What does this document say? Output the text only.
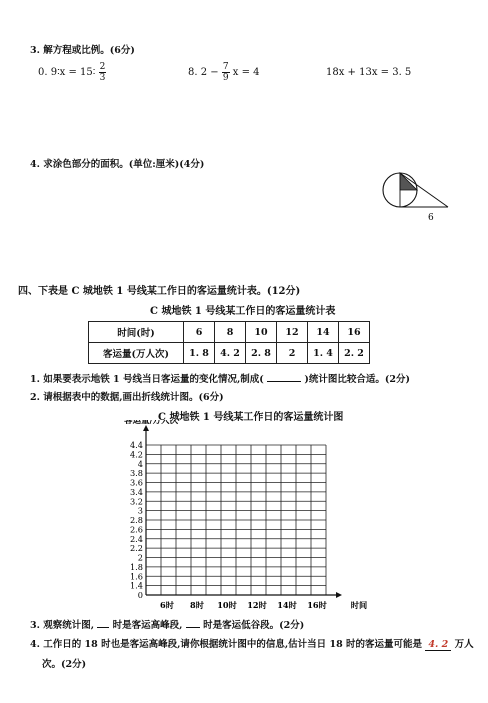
3. 解方程或比例。(6分)
0. 9∶x = 15∶ $\frac{2}{3}$	8. $2 - \frac{7}{9}$ x = 4	18x + 13x = 3. 5
4. 求涂色部分的面积。(单位:厘米)(4分)
6
四、下表是 C 城地铁 1 号线某工作日的客运量统计表。(12分)
C 城地铁 1 号线某工作日的客运量统计表
时间(时)	6	8	10	12	14	16
客运量(万人次)	1. 8	4. 2	2. 8	2	1. 4	2. 2
1. 如果要表示地铁 1 号线当日客运量的变化情况,制成(	)统计图比较合适。(2分)
2. 请根据表中的数据,画出折线统计图。(6分)
C 城地铁 1 号线某工作日的客运量统计图
0
1.4
1.6
1.8
2
2.2
2.4
2.6
2.8
3
3.2
3.4
3.6
3.8
4
4.2
4.4
客运量/万人次
6时 8时 10时 12时 14时 16时	时间
3. 观察统计图, 时是客运高峰段, 时是客运低谷段。(2分)
4. 工作日的 18 时也是客运高峰段,请你根据统计图中的信息,估计当日 18 时的客运量可能是 4. 2 万人
次。(2分)
